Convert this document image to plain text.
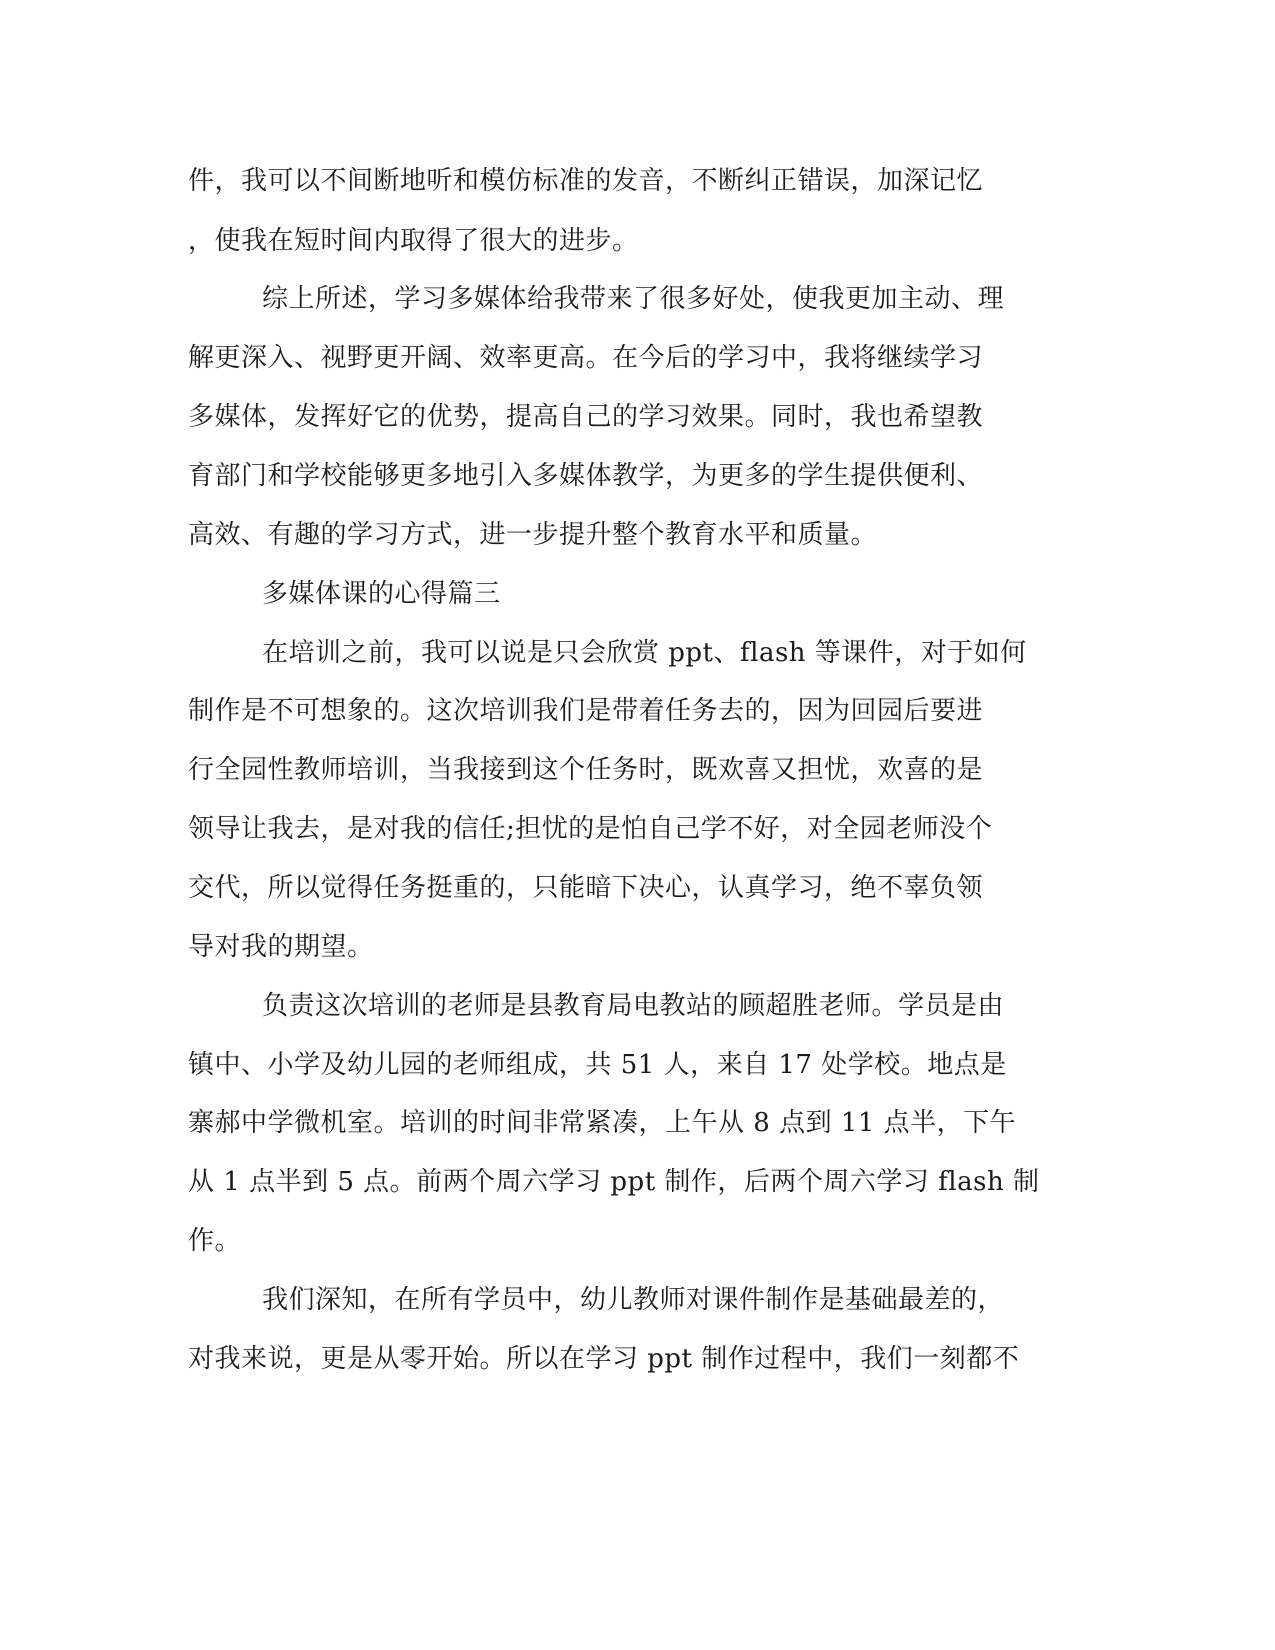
件，我可以不间断地听和模仿标准的发音，不断纠正错误，加深记忆
，使我在短时间内取得了很大的进步。
综上所述，学习多媒体给我带来了很多好处，使我更加主动、理
解更深入、视野更开阔、效率更高。在今后的学习中，我将继续学习
多媒体，发挥好它的优势，提高自己的学习效果。同时，我也希望教
育部门和学校能够更多地引入多媒体教学，为更多的学生提供便利、
高效、有趣的学习方式，进一步提升整个教育水平和质量。
多媒体课的心得篇三
在培训之前，我可以说是只会欣赏 ppt、flash 等课件，对于如何
制作是不可想象的。这次培训我们是带着任务去的，因为回园后要进
行全园性教师培训，当我接到这个任务时，既欢喜又担忧，欢喜的是
领导让我去，是对我的信任;担忧的是怕自己学不好，对全园老师没个
交代，所以觉得任务挺重的，只能暗下决心，认真学习，绝不辜负领
导对我的期望。
负责这次培训的老师是县教育局电教站的顾超胜老师。学员是由
镇中、小学及幼儿园的老师组成，共 51 人，来自 17 处学校。地点是
寨郝中学微机室。培训的时间非常紧凑，上午从 8 点到 11 点半，下午
从 1 点半到 5 点。前两个周六学习 ppt 制作，后两个周六学习 flash 制
作。
我们深知，在所有学员中，幼儿教师对课件制作是基础最差的，
对我来说，更是从零开始。所以在学习 ppt 制作过程中，我们一刻都不
